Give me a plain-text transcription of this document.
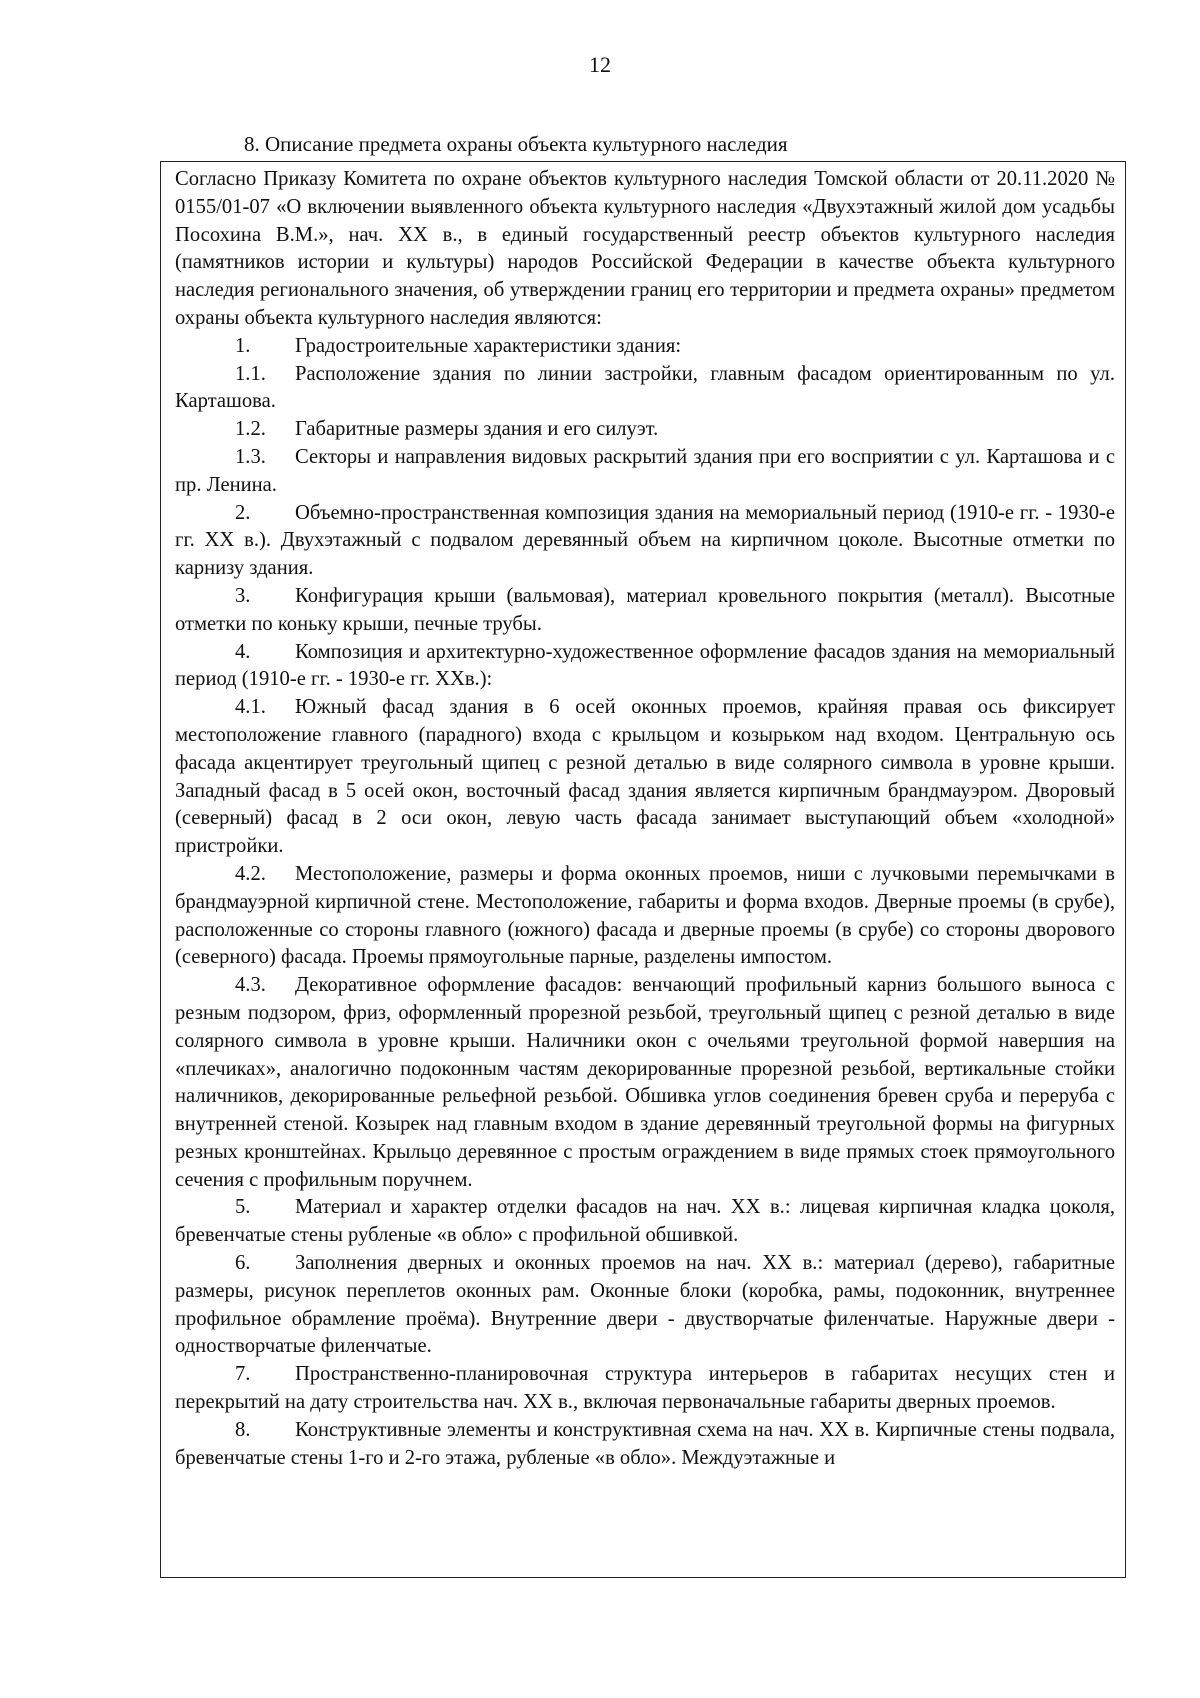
12
8. Описание предмета охраны объекта культурного наследия

Согласно Приказу Комитета по охране объектов культурного наследия Томской области от 20.11.2020 № 0155/01-07 «О включении выявленного объекта культурного наследия «Двухэтажный жилой дом усадьбы Посохина В.М.», нач. XX в., в единый государственный реестр объектов культурного наследия (памятников истории и культуры) народов Российской Федерации в качестве объекта культурного наследия регионального значения, об утверждении границ его территории и предмета охраны» предметом охраны объекта культурного наследия являются:

1. Градостроительные характеристики здания:

1.1. Расположение здания по линии застройки, главным фасадом ориентированным по ул. Карташова.

1.2. Габаритные размеры здания и его силуэт.

1.3. Секторы и направления видовых раскрытий здания при его восприятии с ул. Карташова и с пр. Ленина.

2. Объемно-пространственная композиция здания на мемориальный период (1910-е гг. - 1930-е гг. XX в.). Двухэтажный с подвалом деревянный объем на кирпичном цоколе. Высотные отметки по карнизу здания.

3. Конфигурация крыши (вальмовая), материал кровельного покрытия (металл). Высотные отметки по коньку крыши, печные трубы.

4. Композиция и архитектурно-художественное оформление фасадов здания на мемориальный период (1910-е гг. - 1930-е гг. XXв.):

4.1. Южный фасад здания в 6 осей оконных проемов, крайняя правая ось фиксирует местоположение главного (парадного) входа с крыльцом и козырьком над входом. Центральную ось фасада акцентирует треугольный щипец с резной деталью в виде солярного символа в уровне крыши. Западный фасад в 5 осей окон, восточный фасад здания является кирпичным брандмауэром. Дворовый (северный) фасад в 2 оси окон, левую часть фасада занимает выступающий объем «холодной» пристройки.

4.2. Местоположение, размеры и форма оконных проемов, ниши с лучковыми перемычками в брандмауэрной кирпичной стене. Местоположение, габариты и форма входов. Дверные проемы (в срубе), расположенные со стороны главного (южного) фасада и дверные проемы (в срубе) со стороны дворового (северного) фасада. Проемы прямоугольные парные, разделены импостом.

4.3. Декоративное оформление фасадов: венчающий профильный карниз большого выноса с резным подзором, фриз, оформленный прорезной резьбой, треугольный щипец с резной деталью в виде солярного символа в уровне крыши. Наличники окон с очельями треугольной формой навершия на «плечиках», аналогично подоконным частям декорированные прорезной резьбой, вертикальные стойки наличников, декорированные рельефной резьбой. Обшивка углов соединения бревен сруба и переруба с внутренней стеной. Козырек над главным входом в здание деревянный треугольной формы на фигурных резных кронштейнах. Крыльцо деревянное с простым ограждением в виде прямых стоек прямоугольного сечения с профильным поручнем.

5. Материал и характер отделки фасадов на нач. XX в.: лицевая кирпичная кладка цоколя, бревенчатые стены рубленые «в обло» с профильной обшивкой.

6. Заполнения дверных и оконных проемов на нач. XX в.: материал (дерево), габаритные размеры, рисунок переплетов оконных рам. Оконные блоки (коробка, рамы, подоконник, внутреннее профильное обрамление проёма). Внутренние двери - двустворчатые филенчатые. Наружные двери - одностворчатые филенчатые.

7. Пространственно-планировочная структура интерьеров в габаритах несущих стен и перекрытий на дату строительства нач. XX в., включая первоначальные габариты дверных проемов.

8. Конструктивные элементы и конструктивная схема на нач. XX в. Кирпичные стены подвала, бревенчатые стены 1-го и 2-го этажа, рубленые «в обло». Междуэтажные и
